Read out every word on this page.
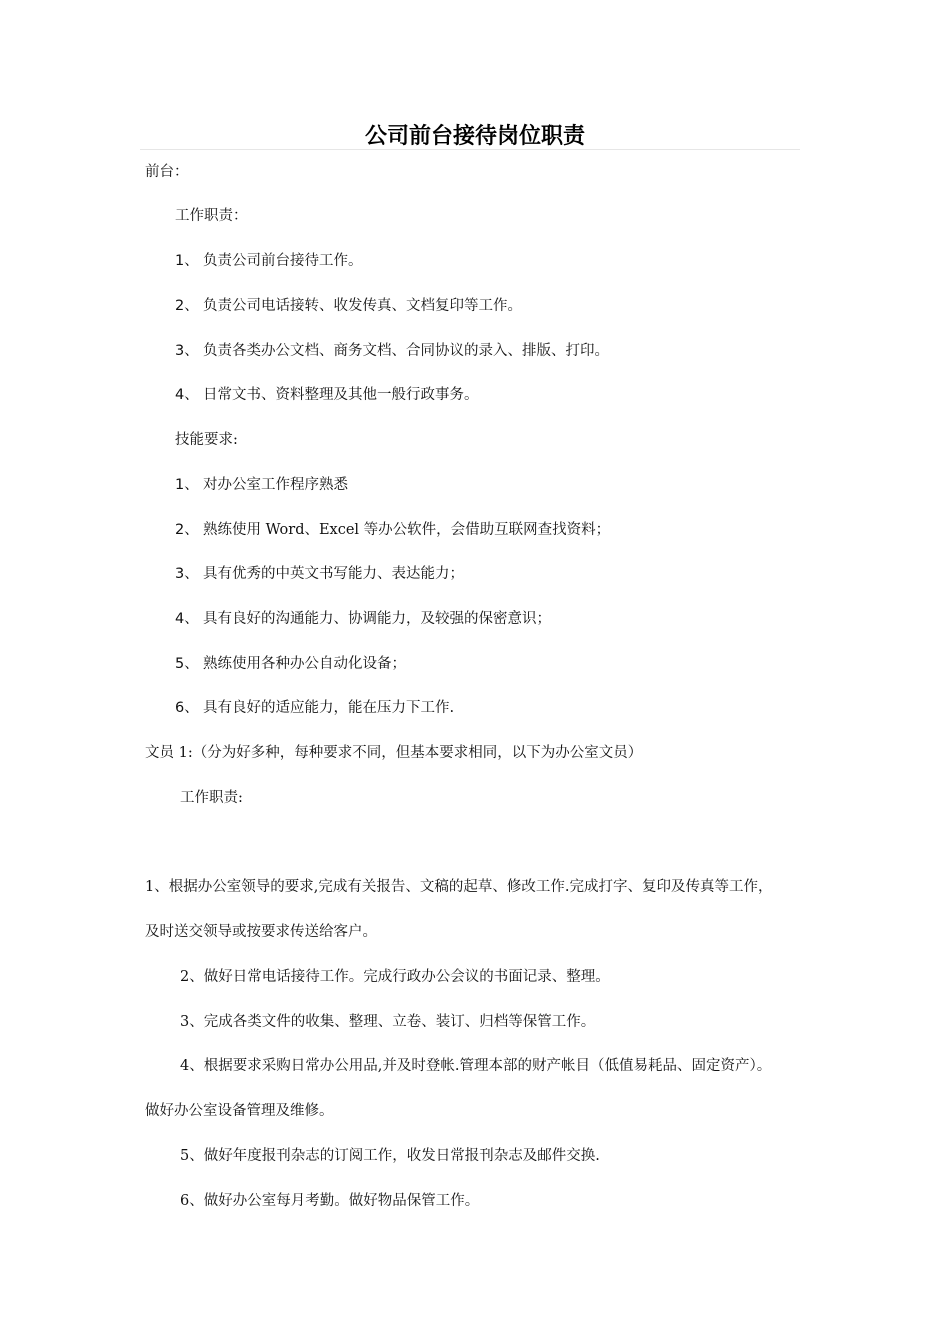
公司前台接待岗位职责
前台：
工作职责：
1、 负责公司前台接待工作。
2、 负责公司电话接转、收发传真、文档复印等工作。
3、 负责各类办公文档、商务文档、合同协议的录入、排版、打印。
4、 日常文书、资料整理及其他一般行政事务。
技能要求:
1、 对办公室工作程序熟悉
2、 熟练使用 Word、Excel 等办公软件，会借助互联网查找资料；
3、 具有优秀的中英文书写能力、表达能力；
4、 具有良好的沟通能力、协调能力，及较强的保密意识；
5、 熟练使用各种办公自动化设备；
6、 具有良好的适应能力，能在压力下工作.
文员 1:（分为好多种，每种要求不同，但基本要求相同，以下为办公室文员）
工作职责:
1、根据办公室领导的要求,完成有关报告、文稿的起草、修改工作.完成打字、复印及传真等工作，
及时送交领导或按要求传送给客户。
2、做好日常电话接待工作。完成行政办公会议的书面记录、整理。
3、完成各类文件的收集、整理、立卷、装订、归档等保管工作。
4、根据要求采购日常办公用品,并及时登帐.管理本部的财产帐目（低值易耗品、固定资产）。
做好办公室设备管理及维修。
5、做好年度报刊杂志的订阅工作，收发日常报刊杂志及邮件交换.
6、做好办公室每月考勤。做好物品保管工作。
